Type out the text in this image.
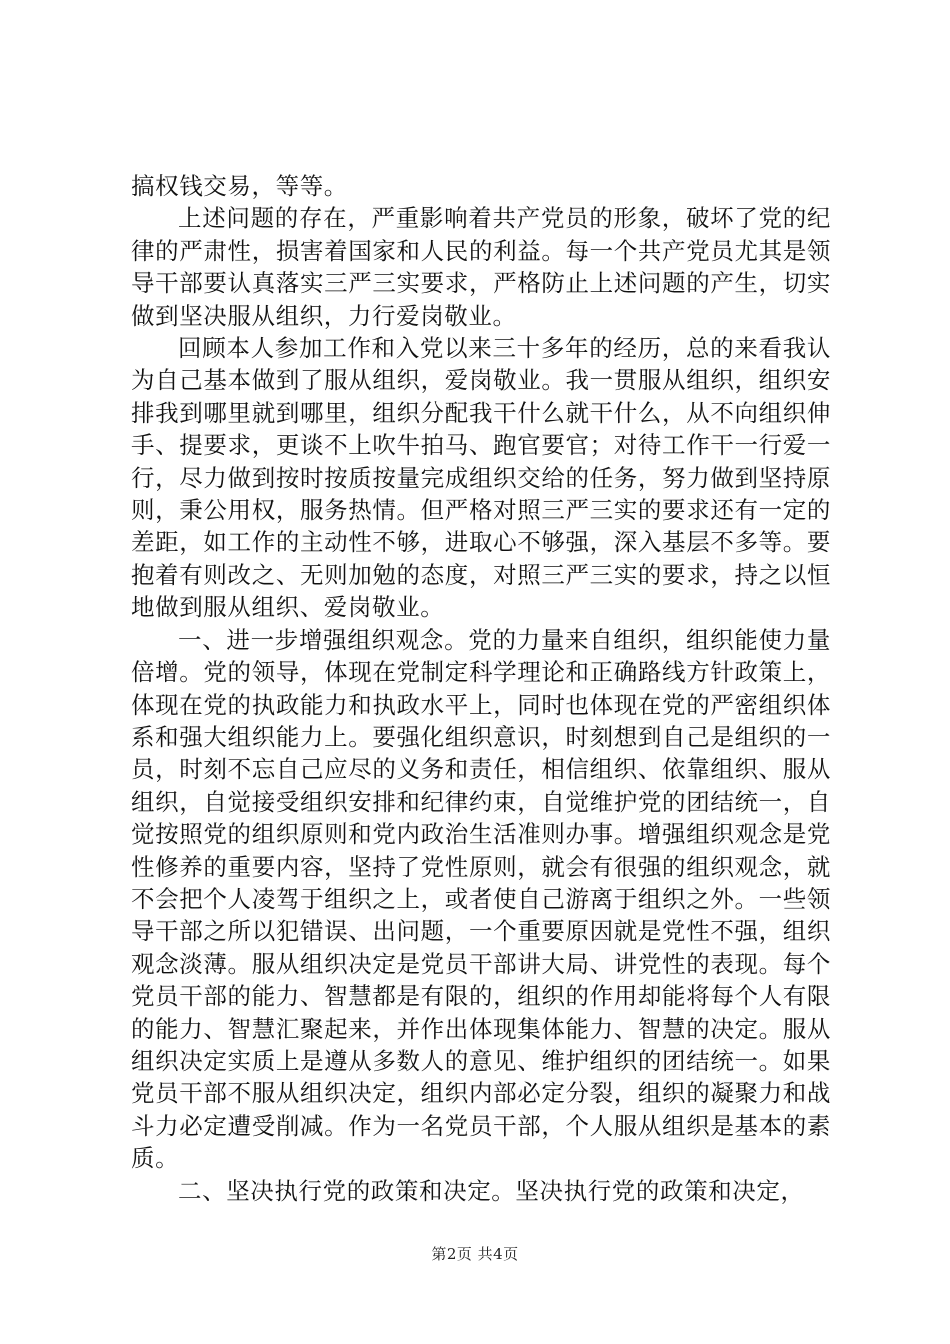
搞权钱交易，等等。

上述问题的存在，严重影响着共产党员的形象，破坏了党的纪律的严肃性，损害着国家和人民的利益。每一个共产党员尤其是领导干部要认真落实三严三实要求，严格防止上述问题的产生，切实做到坚决服从组织，力行爱岗敬业。

回顾本人参加工作和入党以来三十多年的经历，总的来看我认为自己基本做到了服从组织，爱岗敬业。我一贯服从组织，组织安排我到哪里就到哪里，组织分配我干什么就干什么，从不向组织伸手、提要求，更谈不上吹牛拍马、跑官要官；对待工作干一行爱一行，尽力做到按时按质按量完成组织交给的任务，努力做到坚持原则，秉公用权，服务热情。但严格对照三严三实的要求还有一定的差距，如工作的主动性不够，进取心不够强，深入基层不多等。要抱着有则改之、无则加勉的态度，对照三严三实的要求，持之以恒地做到服从组织、爱岗敬业。

一、进一步增强组织观念。党的力量来自组织，组织能使力量倍增。党的领导，体现在党制定科学理论和正确路线方针政策上，体现在党的执政能力和执政水平上，同时也体现在党的严密组织体系和强大组织能力上。要强化组织意识，时刻想到自己是组织的一员，时刻不忘自己应尽的义务和责任，相信组织、依靠组织、服从组织，自觉接受组织安排和纪律约束，自觉维护党的团结统一，自觉按照党的组织原则和党内政治生活准则办事。增强组织观念是党性修养的重要内容，坚持了党性原则，就会有很强的组织观念，就不会把个人凌驾于组织之上，或者使自己游离于组织之外。一些领导干部之所以犯错误、出问题，一个重要原因就是党性不强，组织观念淡薄。服从组织决定是党员干部讲大局、讲党性的表现。每个党员干部的能力、智慧都是有限的，组织的作用却能将每个人有限的能力、智慧汇聚起来，并作出体现集体能力、智慧的决定。服从组织决定实质上是遵从多数人的意见、维护组织的团结统一。如果党员干部不服从组织决定，组织内部必定分裂，组织的凝聚力和战斗力必定遭受削减。作为一名党员干部，个人服从组织是基本的素质。

二、坚决执行党的政策和决定。坚决执行党的政策和决定，

第2页 共4页
